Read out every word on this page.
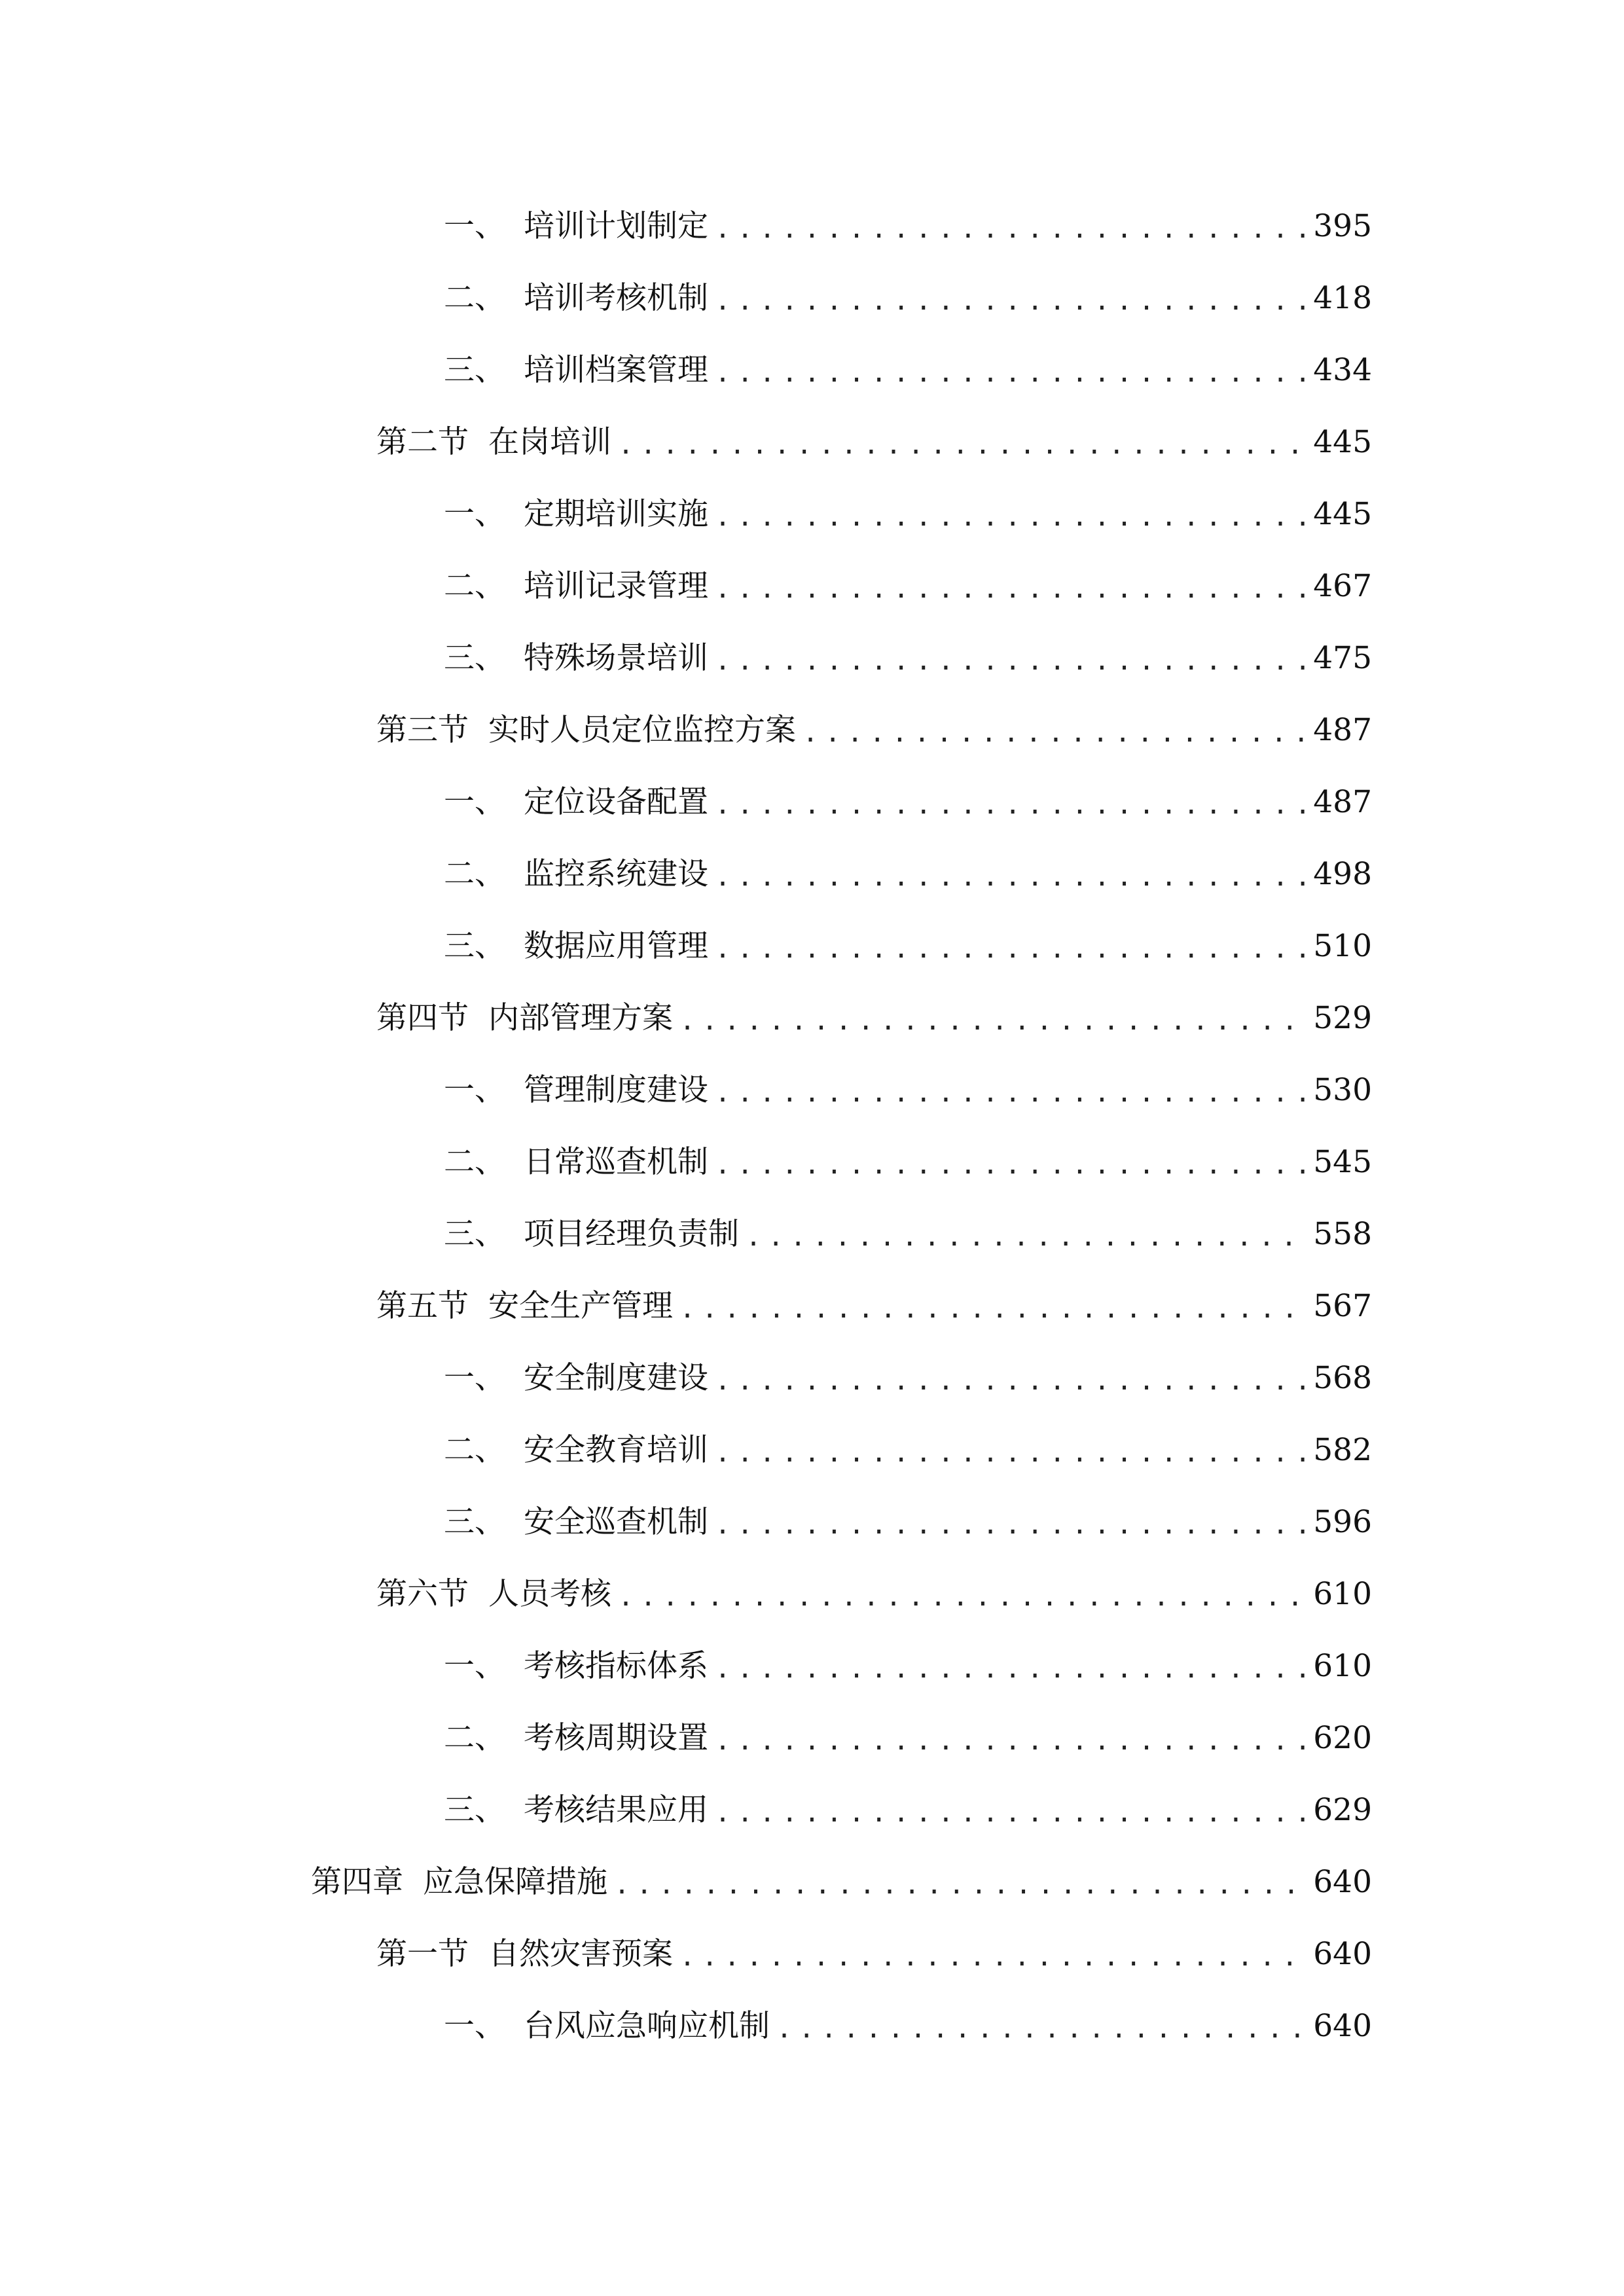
一、 培训计划制定 .....	395
二、 培训考核机制 .....	418
三、 培训档案管理 .....	434
第二节 在岗培训 .....	445
一、 定期培训实施 .....	445
二、 培训记录管理 .....	467
三、 特殊场景培训 .....	475
第三节 实时人员定位监控方案 .....	487
一、 定位设备配置 .....	487
二、 监控系统建设 .....	498
三、 数据应用管理 .....	510
第四节 内部管理方案 .....	529
一、 管理制度建设 .....	530
二、 日常巡查机制 .....	545
三、 项目经理负责制 .....	558
第五节 安全生产管理 .....	567
一、 安全制度建设 .....	568
二、 安全教育培训 .....	582
三、 安全巡查机制 .....	596
第六节 人员考核 .....	610
一、 考核指标体系 .....	610
二、 考核周期设置 .....	620
三、 考核结果应用 .....	629
第四章 应急保障措施 .....	640
第一节 自然灾害预案 .....	640
一、 台风应急响应机制 .....	640
